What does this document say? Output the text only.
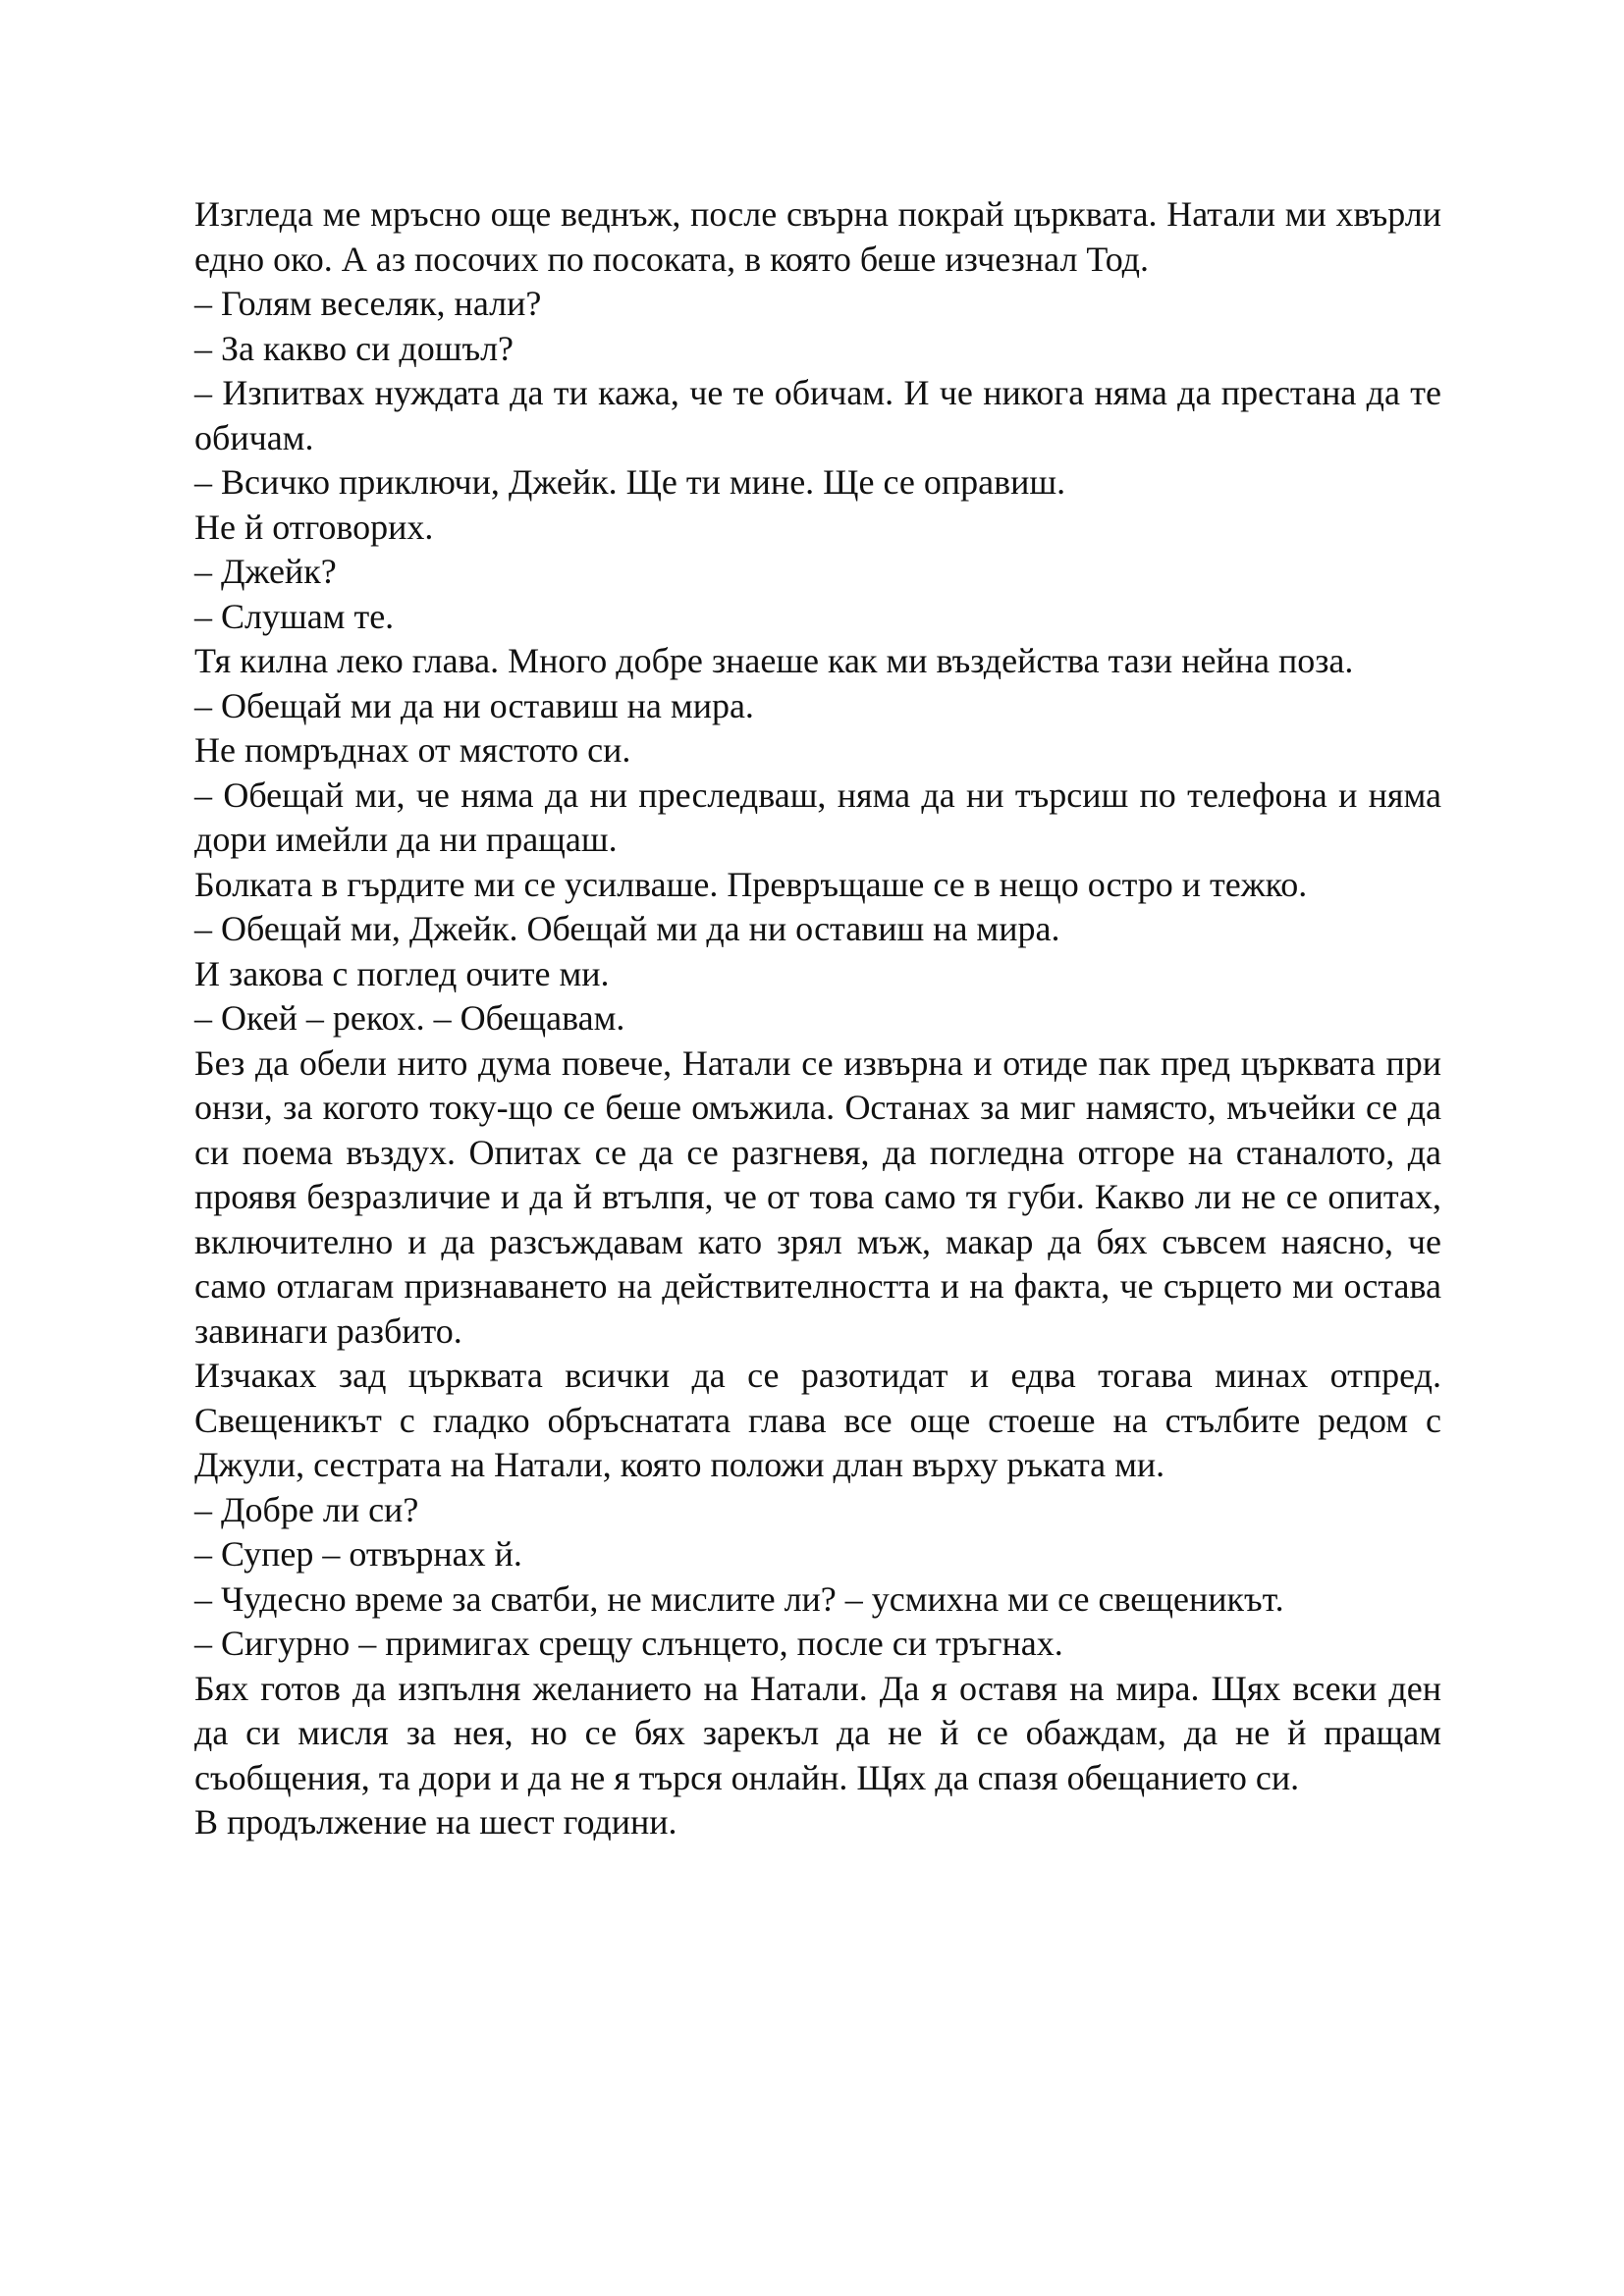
Изгледа ме мръсно още веднъж, после свърна покрай църквата. Натали ми хвърли едно око. А аз посочих по посоката, в която беше изчезнал Тод.

– Голям веселяк, нали?

– За какво си дошъл?

– Изпитвах нуждата да ти кажа, че те обичам. И че никога няма да престана да те обичам.

– Всичко приключи, Джейк. Ще ти мине. Ще се оправиш.

Не й отговорих.

– Джейк?

– Слушам те.

Тя килна леко глава. Много добре знаеше как ми въздейства тази нейна поза.

– Обещай ми да ни оставиш на мира.

Не помръднах от мястото си.

– Обещай ми, че няма да ни преследваш, няма да ни търсиш по телефона и няма дори имейли да ни пращаш.

Болката в гърдите ми се усилваше. Превръщаше се в нещо остро и тежко.

– Обещай ми, Джейк. Обещай ми да ни оставиш на мира.

И закова с поглед очите ми.

– Окей – рекох. – Обещавам.

Без да обели нито дума повече, Натали се извърна и отиде пак пред църквата при онзи, за когото току-що се беше омъжила. Останах за миг намясто, мъчейки се да си поема въздух. Опитах се да се разгневя, да погледна отгоре на станалото, да проявя безразличие и да й втълпя, че от това само тя губи. Какво ли не се опитах, включително и да разсъждавам като зрял мъж, макар да бях съвсем наясно, че само отлагам признаването на действителността и на факта, че сърцето ми остава завинаги разбито.

Изчаках зад църквата всички да се разотидат и едва тогава минах отпред. Свещеникът с гладко обръснатата глава все още стоеше на стълбите редом с Джули, сестрата на Натали, която положи длан върху ръката ми.

– Добре ли си?

– Супер – отвърнах й.

– Чудесно време за сватби, не мислите ли? – усмихна ми се свещеникът.

– Сигурно – примигах срещу слънцето, после си тръгнах.

Бях готов да изпълня желанието на Натали. Да я оставя на мира. Щях всеки ден да си мисля за нея, но се бях зарекъл да не й се обаждам, да не й пращам съобщения, та дори и да не я търся онлайн. Щях да спазя обещанието си.

В продължение на шест години.
